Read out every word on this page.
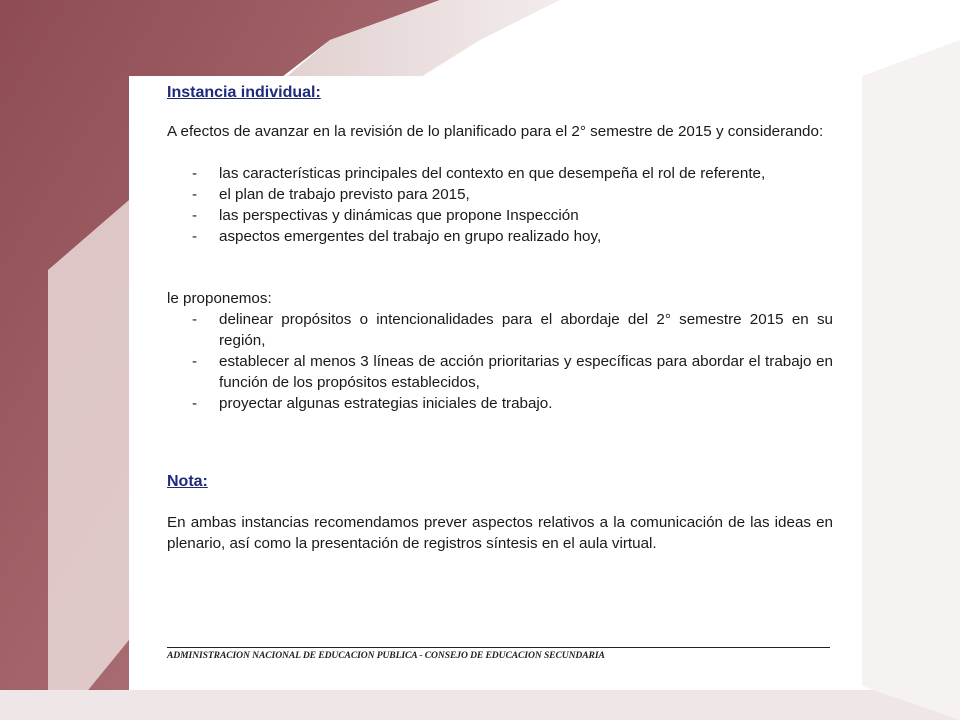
Instancia individual:

A efectos de avanzar en la revisión de lo planificado para el 2° semestre de 2015 y considerando:

- las características principales del contexto en que desempeña el rol de referente,
- el plan de trabajo previsto para 2015,
- las perspectivas y dinámicas que propone Inspección
- aspectos emergentes del trabajo en grupo realizado hoy,

le proponemos:

- delinear propósitos o intencionalidades para el abordaje del 2° semestre 2015 en su región,
- establecer al menos 3 líneas de acción prioritarias y específicas para abordar el trabajo en función de los propósitos establecidos,
- proyectar algunas estrategias iniciales de trabajo.
Nota:

En ambas instancias recomendamos prever aspectos relativos a la comunicación de las ideas en plenario, así como la presentación de registros síntesis en el aula virtual.

ADMINISTRACION NACIONAL DE EDUCACION PUBLICA - CONSEJO DE EDUCACION SECUNDARIA
